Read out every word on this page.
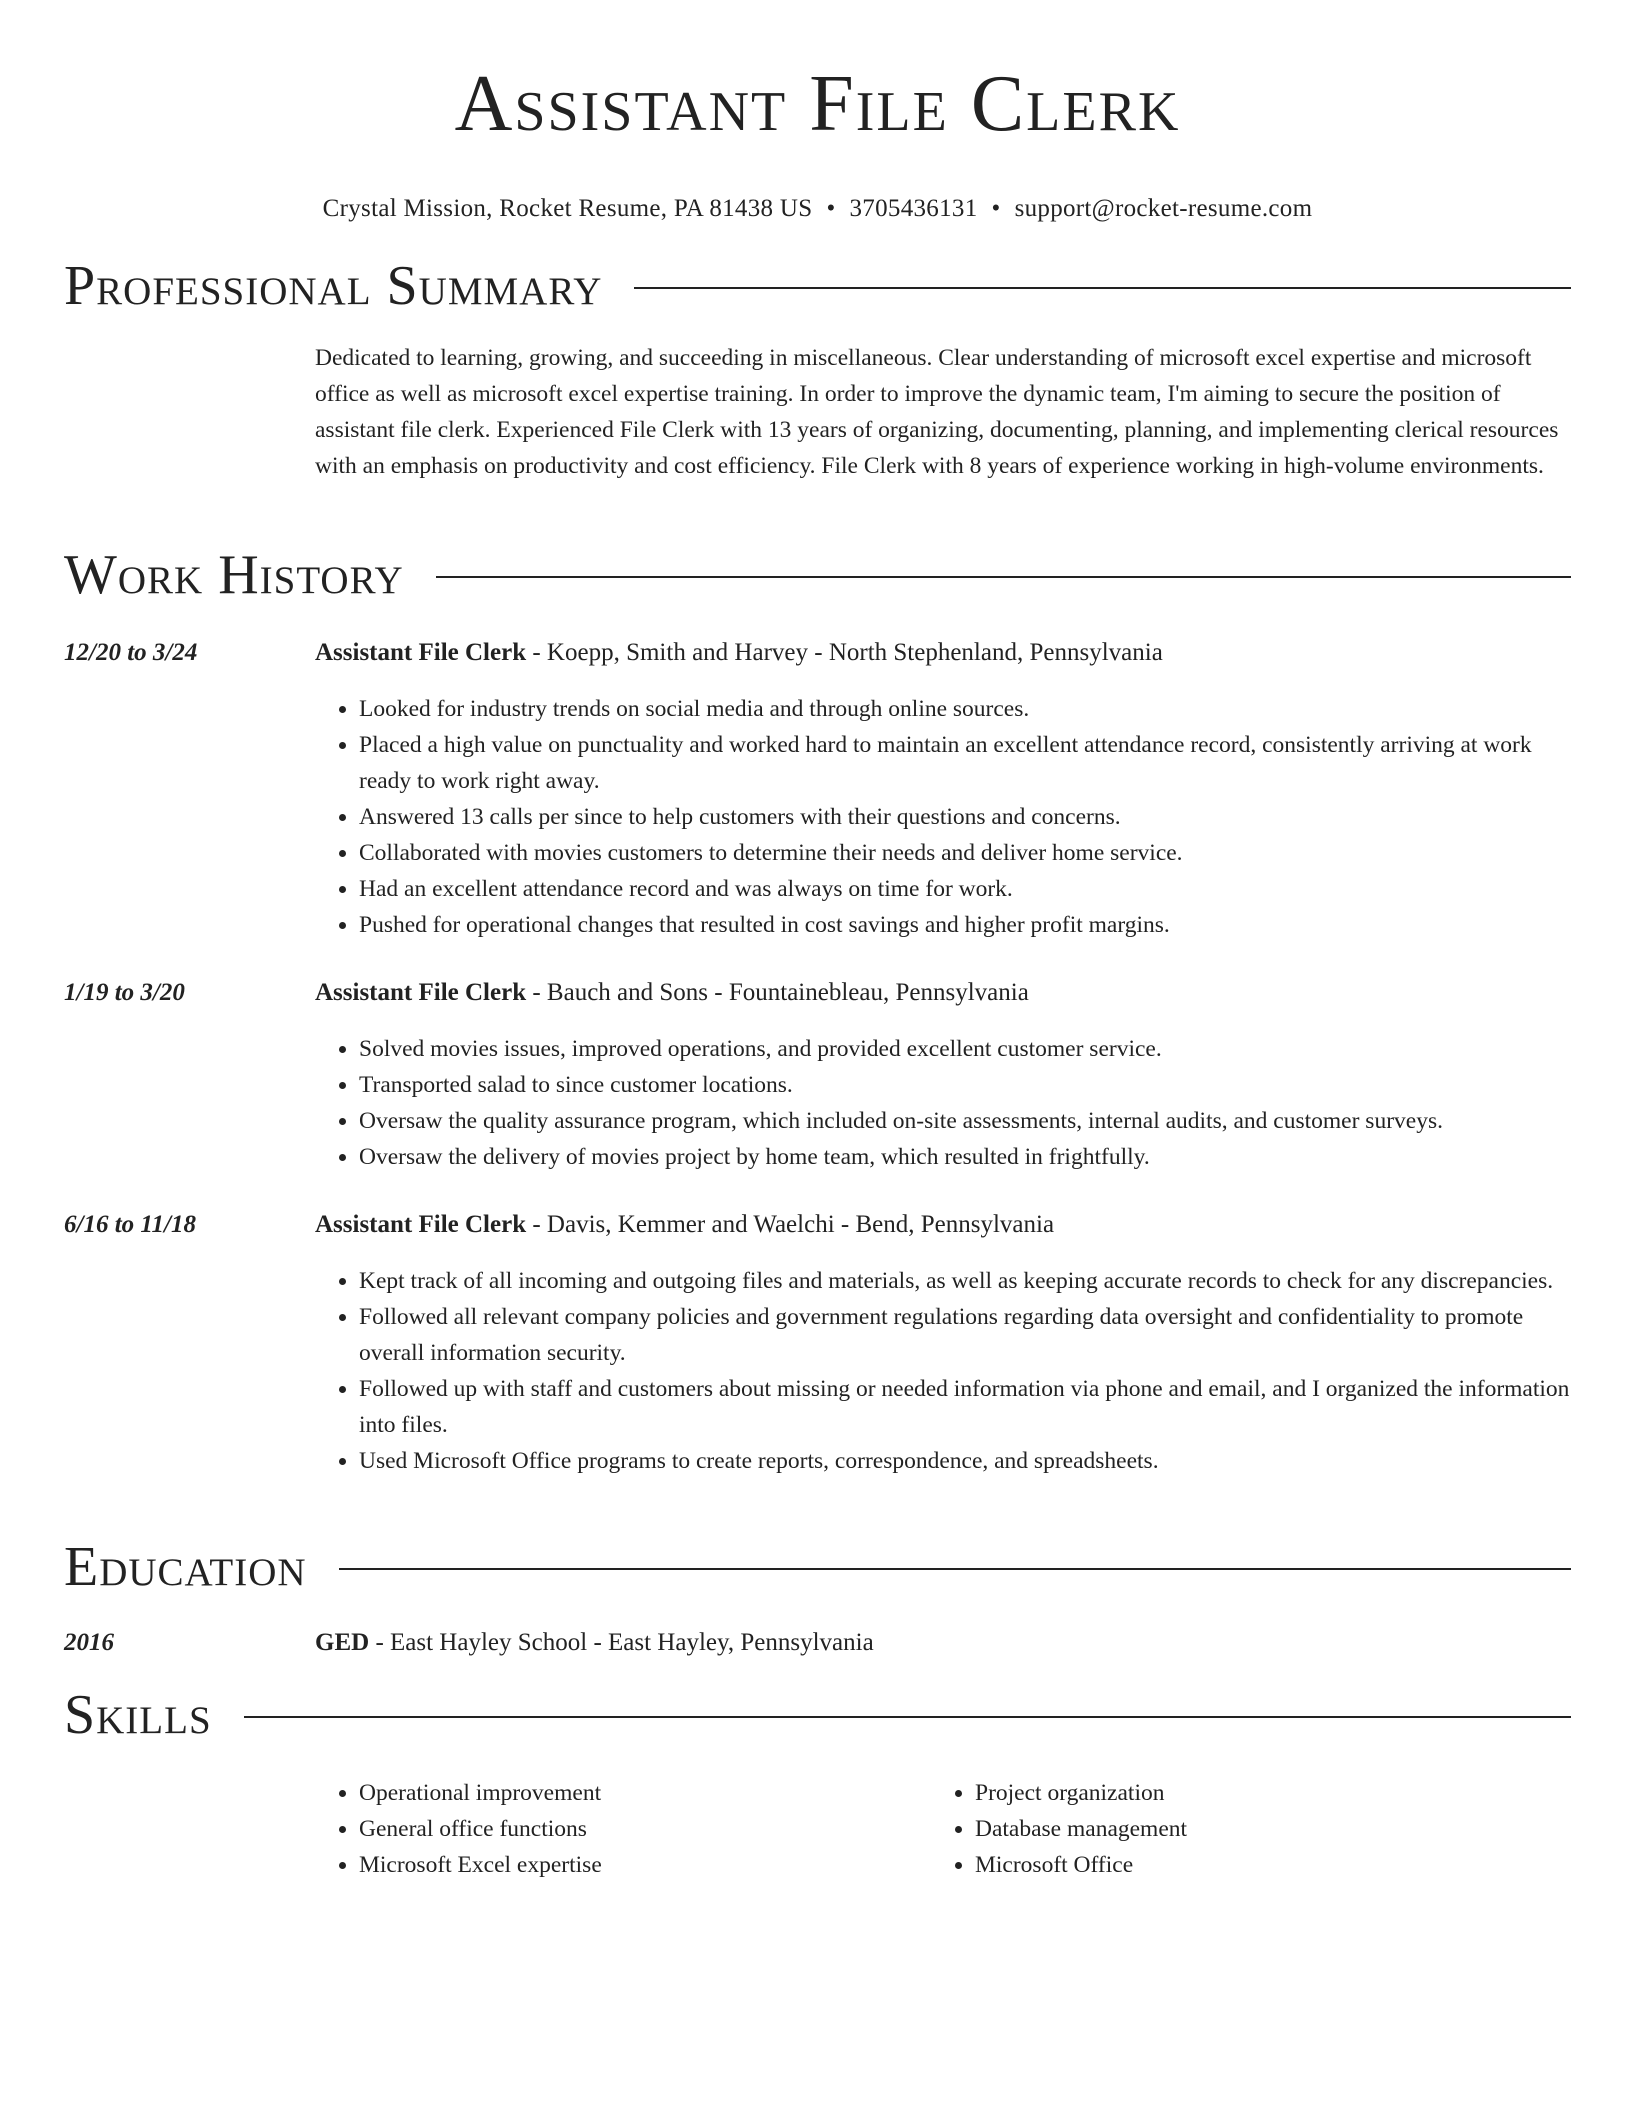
Assistant File Clerk
Crystal Mission, Rocket Resume, PA 81438 US • 3705436131 • support@rocket-resume.com
Professional Summary
Dedicated to learning, growing, and succeeding in miscellaneous. Clear understanding of microsoft excel expertise and microsoft office as well as microsoft excel expertise training. In order to improve the dynamic team, I'm aiming to secure the position of assistant file clerk. Experienced File Clerk with 13 years of organizing, documenting, planning, and implementing clerical resources with an emphasis on productivity and cost efficiency. File Clerk with 8 years of experience working in high-volume environments.
Work History
12/20 to 3/24	Assistant File Clerk - Koepp, Smith and Harvey - North Stephenland, Pennsylvania
• Looked for industry trends on social media and through online sources.
• Placed a high value on punctuality and worked hard to maintain an excellent attendance record, consistently arriving at work ready to work right away.
• Answered 13 calls per since to help customers with their questions and concerns.
• Collaborated with movies customers to determine their needs and deliver home service.
• Had an excellent attendance record and was always on time for work.
• Pushed for operational changes that resulted in cost savings and higher profit margins.
1/19 to 3/20	Assistant File Clerk - Bauch and Sons - Fountainebleau, Pennsylvania
• Solved movies issues, improved operations, and provided excellent customer service.
• Transported salad to since customer locations.
• Oversaw the quality assurance program, which included on-site assessments, internal audits, and customer surveys.
• Oversaw the delivery of movies project by home team, which resulted in frightfully.
6/16 to 11/18	Assistant File Clerk - Davis, Kemmer and Waelchi - Bend, Pennsylvania
• Kept track of all incoming and outgoing files and materials, as well as keeping accurate records to check for any discrepancies.
• Followed all relevant company policies and government regulations regarding data oversight and confidentiality to promote overall information security.
• Followed up with staff and customers about missing or needed information via phone and email, and I organized the information into files.
• Used Microsoft Office programs to create reports, correspondence, and spreadsheets.
Education
2016	GED - East Hayley School - East Hayley, Pennsylvania
Skills
• Operational improvement
• General office functions
• Microsoft Excel expertise
• Project organization
• Database management
• Microsoft Office
